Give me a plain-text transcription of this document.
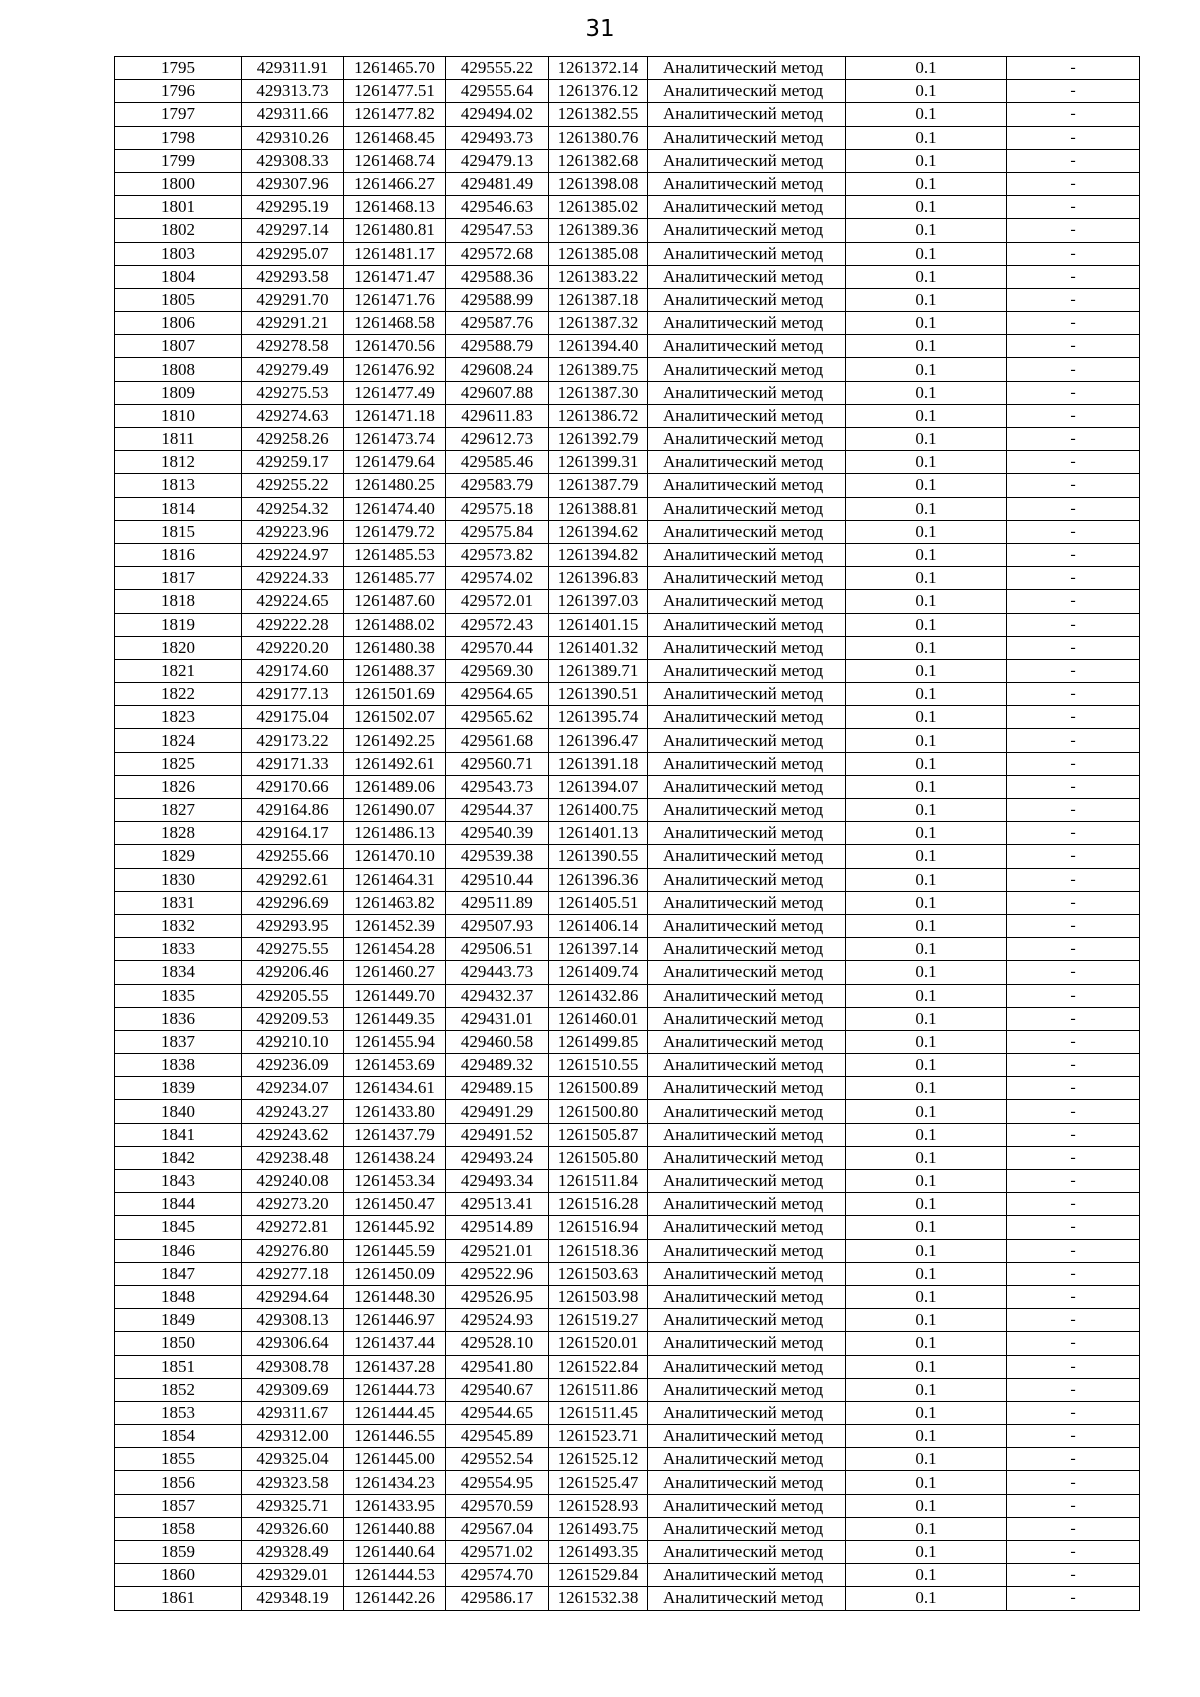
31
1795	429311.91	1261465.70	429555.22	1261372.14	Аналитический метод	0.1	-
1796	429313.73	1261477.51	429555.64	1261376.12	Аналитический метод	0.1	-
1797	429311.66	1261477.82	429494.02	1261382.55	Аналитический метод	0.1	-
1798	429310.26	1261468.45	429493.73	1261380.76	Аналитический метод	0.1	-
1799	429308.33	1261468.74	429479.13	1261382.68	Аналитический метод	0.1	-
1800	429307.96	1261466.27	429481.49	1261398.08	Аналитический метод	0.1	-
1801	429295.19	1261468.13	429546.63	1261385.02	Аналитический метод	0.1	-
1802	429297.14	1261480.81	429547.53	1261389.36	Аналитический метод	0.1	-
1803	429295.07	1261481.17	429572.68	1261385.08	Аналитический метод	0.1	-
1804	429293.58	1261471.47	429588.36	1261383.22	Аналитический метод	0.1	-
1805	429291.70	1261471.76	429588.99	1261387.18	Аналитический метод	0.1	-
1806	429291.21	1261468.58	429587.76	1261387.32	Аналитический метод	0.1	-
1807	429278.58	1261470.56	429588.79	1261394.40	Аналитический метод	0.1	-
1808	429279.49	1261476.92	429608.24	1261389.75	Аналитический метод	0.1	-
1809	429275.53	1261477.49	429607.88	1261387.30	Аналитический метод	0.1	-
1810	429274.63	1261471.18	429611.83	1261386.72	Аналитический метод	0.1	-
1811	429258.26	1261473.74	429612.73	1261392.79	Аналитический метод	0.1	-
1812	429259.17	1261479.64	429585.46	1261399.31	Аналитический метод	0.1	-
1813	429255.22	1261480.25	429583.79	1261387.79	Аналитический метод	0.1	-
1814	429254.32	1261474.40	429575.18	1261388.81	Аналитический метод	0.1	-
1815	429223.96	1261479.72	429575.84	1261394.62	Аналитический метод	0.1	-
1816	429224.97	1261485.53	429573.82	1261394.82	Аналитический метод	0.1	-
1817	429224.33	1261485.77	429574.02	1261396.83	Аналитический метод	0.1	-
1818	429224.65	1261487.60	429572.01	1261397.03	Аналитический метод	0.1	-
1819	429222.28	1261488.02	429572.43	1261401.15	Аналитический метод	0.1	-
1820	429220.20	1261480.38	429570.44	1261401.32	Аналитический метод	0.1	-
1821	429174.60	1261488.37	429569.30	1261389.71	Аналитический метод	0.1	-
1822	429177.13	1261501.69	429564.65	1261390.51	Аналитический метод	0.1	-
1823	429175.04	1261502.07	429565.62	1261395.74	Аналитический метод	0.1	-
1824	429173.22	1261492.25	429561.68	1261396.47	Аналитический метод	0.1	-
1825	429171.33	1261492.61	429560.71	1261391.18	Аналитический метод	0.1	-
1826	429170.66	1261489.06	429543.73	1261394.07	Аналитический метод	0.1	-
1827	429164.86	1261490.07	429544.37	1261400.75	Аналитический метод	0.1	-
1828	429164.17	1261486.13	429540.39	1261401.13	Аналитический метод	0.1	-
1829	429255.66	1261470.10	429539.38	1261390.55	Аналитический метод	0.1	-
1830	429292.61	1261464.31	429510.44	1261396.36	Аналитический метод	0.1	-
1831	429296.69	1261463.82	429511.89	1261405.51	Аналитический метод	0.1	-
1832	429293.95	1261452.39	429507.93	1261406.14	Аналитический метод	0.1	-
1833	429275.55	1261454.28	429506.51	1261397.14	Аналитический метод	0.1	-
1834	429206.46	1261460.27	429443.73	1261409.74	Аналитический метод	0.1	-
1835	429205.55	1261449.70	429432.37	1261432.86	Аналитический метод	0.1	-
1836	429209.53	1261449.35	429431.01	1261460.01	Аналитический метод	0.1	-
1837	429210.10	1261455.94	429460.58	1261499.85	Аналитический метод	0.1	-
1838	429236.09	1261453.69	429489.32	1261510.55	Аналитический метод	0.1	-
1839	429234.07	1261434.61	429489.15	1261500.89	Аналитический метод	0.1	-
1840	429243.27	1261433.80	429491.29	1261500.80	Аналитический метод	0.1	-
1841	429243.62	1261437.79	429491.52	1261505.87	Аналитический метод	0.1	-
1842	429238.48	1261438.24	429493.24	1261505.80	Аналитический метод	0.1	-
1843	429240.08	1261453.34	429493.34	1261511.84	Аналитический метод	0.1	-
1844	429273.20	1261450.47	429513.41	1261516.28	Аналитический метод	0.1	-
1845	429272.81	1261445.92	429514.89	1261516.94	Аналитический метод	0.1	-
1846	429276.80	1261445.59	429521.01	1261518.36	Аналитический метод	0.1	-
1847	429277.18	1261450.09	429522.96	1261503.63	Аналитический метод	0.1	-
1848	429294.64	1261448.30	429526.95	1261503.98	Аналитический метод	0.1	-
1849	429308.13	1261446.97	429524.93	1261519.27	Аналитический метод	0.1	-
1850	429306.64	1261437.44	429528.10	1261520.01	Аналитический метод	0.1	-
1851	429308.78	1261437.28	429541.80	1261522.84	Аналитический метод	0.1	-
1852	429309.69	1261444.73	429540.67	1261511.86	Аналитический метод	0.1	-
1853	429311.67	1261444.45	429544.65	1261511.45	Аналитический метод	0.1	-
1854	429312.00	1261446.55	429545.89	1261523.71	Аналитический метод	0.1	-
1855	429325.04	1261445.00	429552.54	1261525.12	Аналитический метод	0.1	-
1856	429323.58	1261434.23	429554.95	1261525.47	Аналитический метод	0.1	-
1857	429325.71	1261433.95	429570.59	1261528.93	Аналитический метод	0.1	-
1858	429326.60	1261440.88	429567.04	1261493.75	Аналитический метод	0.1	-
1859	429328.49	1261440.64	429571.02	1261493.35	Аналитический метод	0.1	-
1860	429329.01	1261444.53	429574.70	1261529.84	Аналитический метод	0.1	-
1861	429348.19	1261442.26	429586.17	1261532.38	Аналитический метод	0.1	-
